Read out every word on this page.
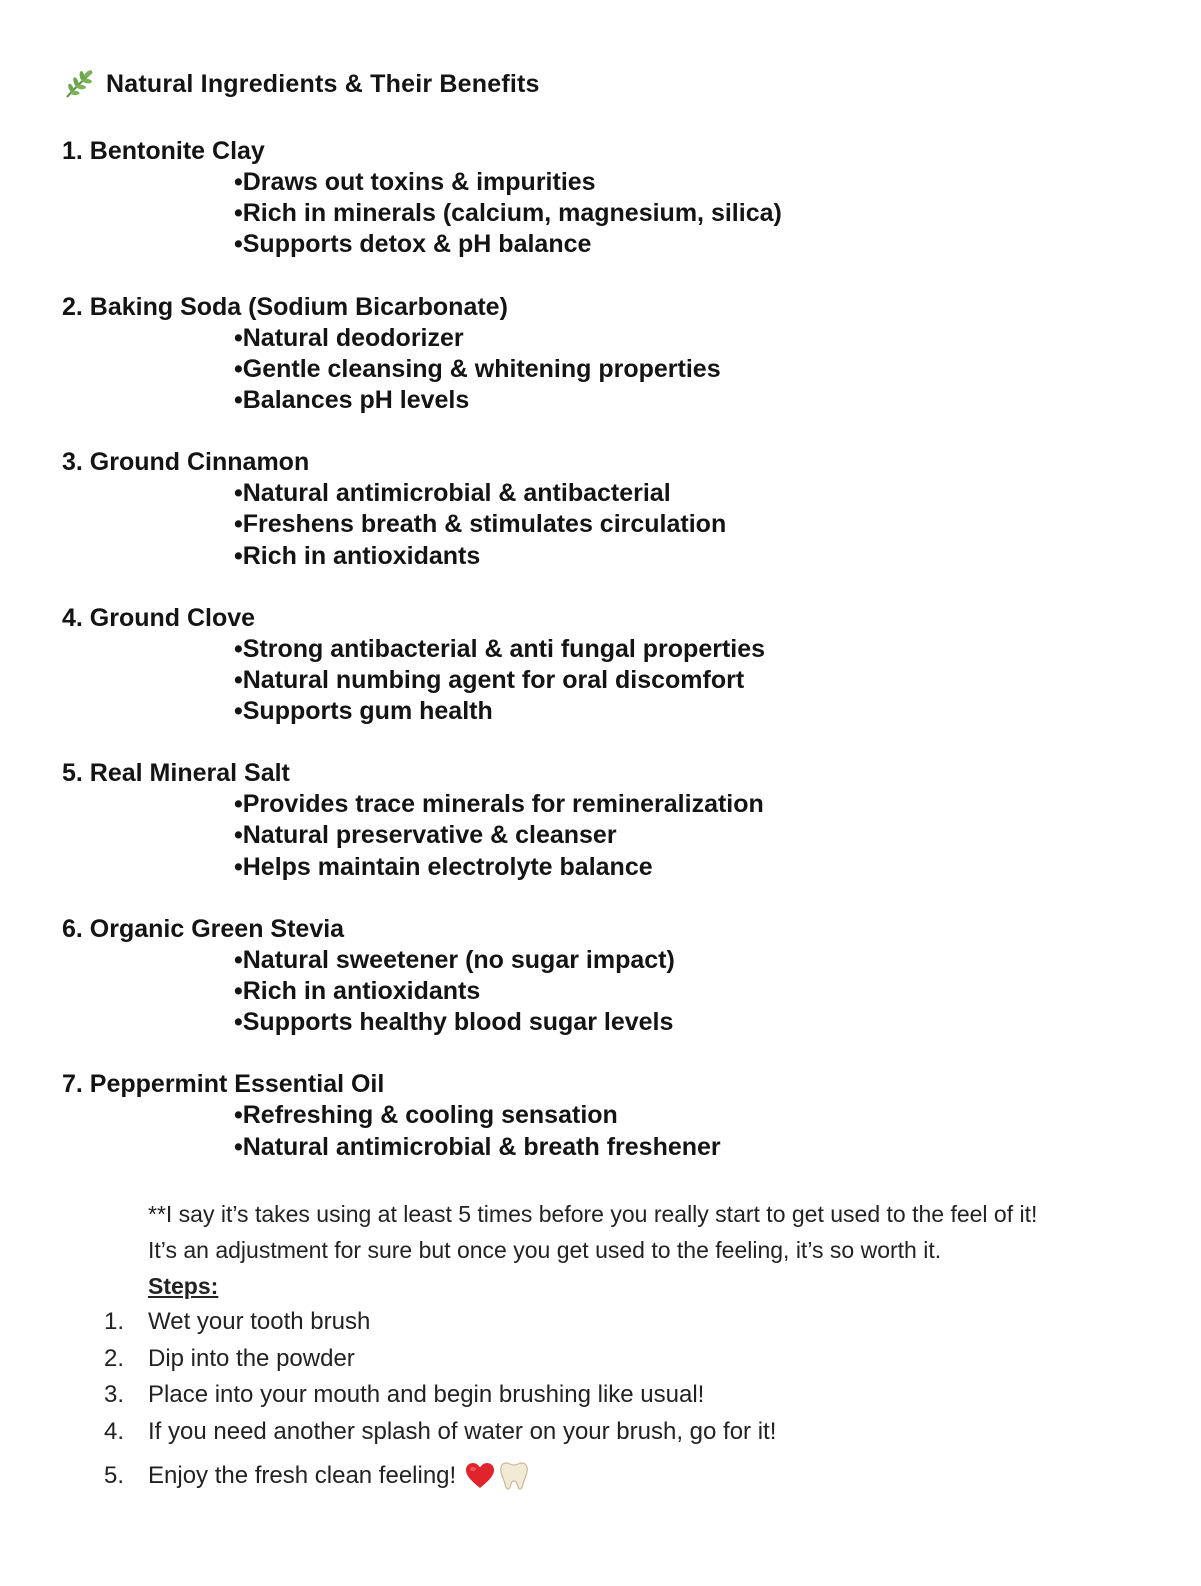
Natural Ingredients & Their Benefits
1. Bentonite Clay
•Draws out toxins & impurities
•Rich in minerals (calcium, magnesium, silica)
•Supports detox & pH balance
2. Baking Soda (Sodium Bicarbonate)
•Natural deodorizer
•Gentle cleansing & whitening properties
•Balances pH levels
3. Ground Cinnamon
•Natural antimicrobial & antibacterial
•Freshens breath & stimulates circulation
•Rich in antioxidants
4. Ground Clove
•Strong antibacterial & anti fungal properties
•Natural numbing agent for oral discomfort
•Supports gum health
5. Real Mineral Salt
•Provides trace minerals for remineralization
•Natural preservative & cleanser
•Helps maintain electrolyte balance
6. Organic Green Stevia
•Natural sweetener (no sugar impact)
•Rich in antioxidants
•Supports healthy blood sugar levels
7. Peppermint Essential Oil
•Refreshing & cooling sensation
•Natural antimicrobial & breath freshener

**I say it’s takes using at least 5 times before you really start to get used to the feel of it!

It’s an adjustment for sure but once you get used to the feeling, it’s so worth it.

Steps:
1. Wet your tooth brush
2. Dip into the powder
3. Place into your mouth and begin brushing like usual!
4. If you need another splash of water on your brush, go for it!
5. Enjoy the fresh clean feeling!
